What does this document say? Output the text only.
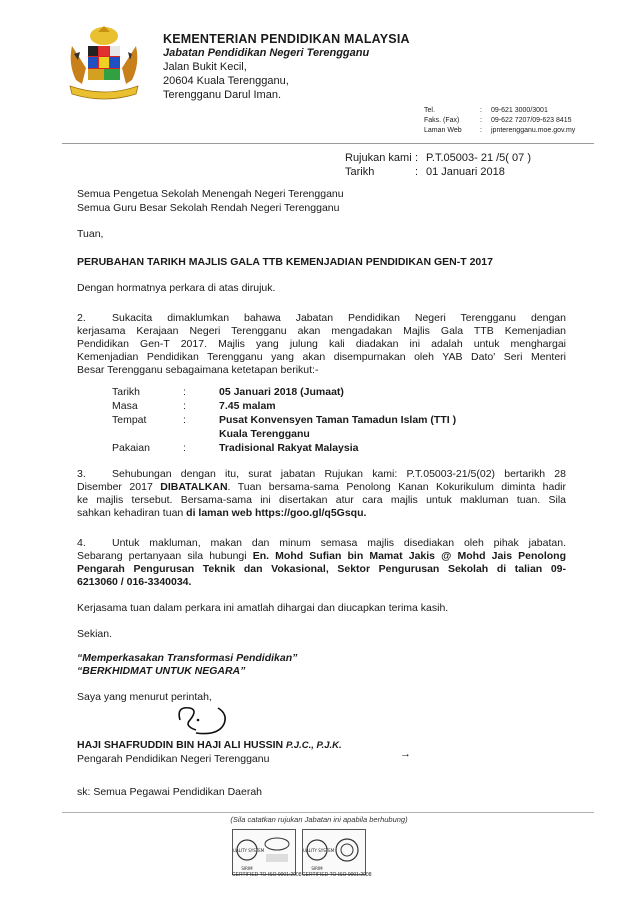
KEMENTERIAN PENDIDIKAN MALAYSIA
Jabatan Pendidikan Negeri Terengganu
Jalan Bukit Kecil,
20604 Kuala Terengganu,
Terengganu Darul Iman.
Tel.	: 09-621 3000/3001
Faks. (Fax)	: 09-622 7207/09-623 8415
Laman Web	: jpnterengganu.moe.gov.my
Rujukan kami : P.T.05003- 21 /5( 07 )
Tarikh	: 01 Januari 2018
Semua Pengetua Sekolah Menengah Negeri Terengganu
Semua Guru Besar Sekolah Rendah Negeri Terengganu
Tuan,
PERUBAHAN TARIKH MAJLIS GALA TTB KEMENJADIAN PENDIDIKAN GEN-T 2017
Dengan hormatnya perkara di atas dirujuk.
2. Sukacita dimaklumkan bahawa Jabatan Pendidikan Negeri Terengganu dengan
kerjasama Kerajaan Negeri Terengganu akan mengadakan Majlis Gala TTB Kemenjadian
Pendidikan Gen-T 2017. Majlis yang julung kali diadakan ini adalah untuk menghargai
Kemenjadian Pendidikan Terengganu yang akan disempurnakan oleh YAB Dato' Seri Menteri
Besar Terengganu sebagaimana ketetapan berikut:-
Tarikh	:	05 Januari 2018 (Jumaat)
Masa	:	7.45 malam
Tempat	:	Pusat Konvensyen Taman Tamadun Islam (TTI )
Kuala Terengganu
Pakaian	:	Tradisional Rakyat Malaysia
3. Sehubungan dengan itu, surat jabatan Rujukan kami: P.T.05003-21/5(02) bertarikh 28
Disember 2017 DIBATALKAN. Tuan bersama-sama Penolong Kanan Kokurikulum diminta hadir
ke majlis tersebut. Bersama-sama ini disertakan atur cara majlis untuk makluman tuan. Sila
sahkan kehadiran tuan di laman web https://goo.gl/q5Gsqu.
4. Untuk makluman, makan dan minum semasa majlis disediakan oleh pihak jabatan.
Sebarang pertanyaan sila hubungi En. Mohd Sufian bin Mamat Jakis @ Mohd Jais Penolong
Pengarah Pengurusan Teknik dan Vokasional, Sektor Pengurusan Sekolah di talian 09-
6213060 / 016-3340034.
Kerjasama tuan dalam perkara ini amatlah dihargai dan diucapkan terima kasih.
Sekian.
“Memperkasakan Transformasi Pendidikan”
“BERKHIDMAT UNTUK NEGARA”
Saya yang menurut perintah,
HAJI SHAFRUDDIN BIN HAJI ALI HUSSIN P.J.C., P.J.K.
→
Pengarah Pendidikan Negeri Terengganu
sk: Semua Pegawai Pendidikan Daerah
(Sila catatkan rujukan Jabatan ini apabila berhubung)
QUALITY SYSTEM
SIRIM
CERTIFIED TO ISO 9001:2008
QUALITY SYSTEM
SIRIM
CERTIFIED TO ISO 9001:2008
